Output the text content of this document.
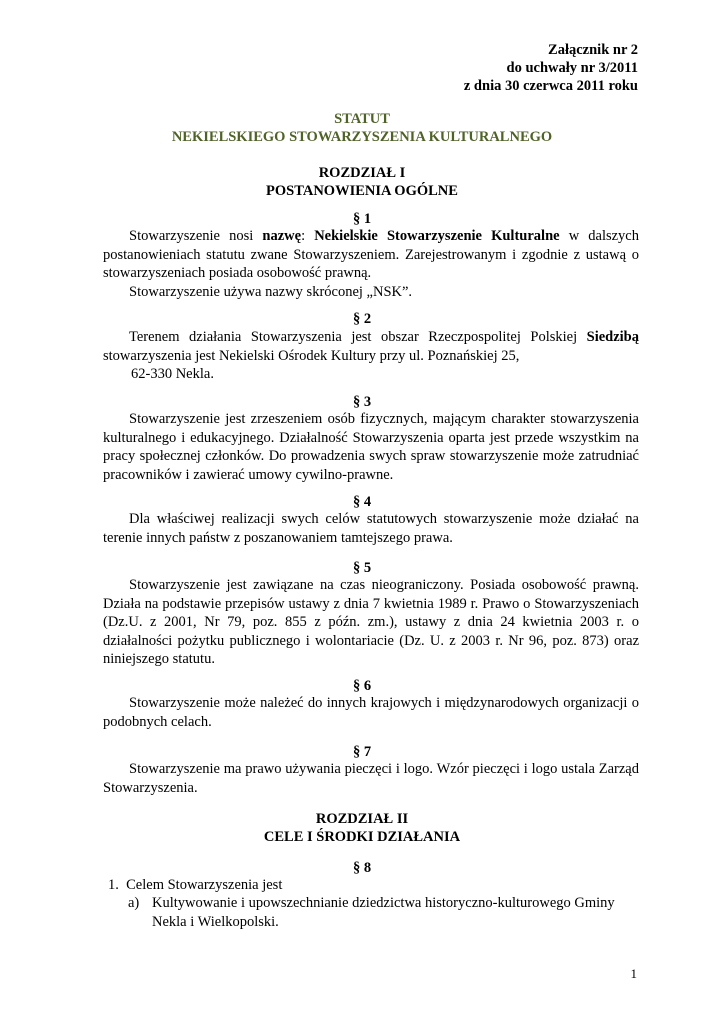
Załącznik nr 2
do uchwały nr 3/2011
z dnia 30 czerwca 2011 roku
STATUT
NEKIELSKIEGO STOWARZYSZENIA KULTURALNEGO
ROZDZIAŁ I
POSTANOWIENIA OGÓLNE
§ 1

Stowarzyszenie nosi nazwę: Nekielskie Stowarzyszenie Kulturalne w dalszych postanowieniach statutu zwane Stowarzyszeniem. Zarejestrowanym i zgodnie z ustawą o stowarzyszeniach posiada osobowość prawną.

Stowarzyszenie używa nazwy skróconej „NSK”.

§ 2

Terenem działania Stowarzyszenia jest obszar Rzeczpospolitej Polskiej Siedzibą

stowarzyszenia jest Nekielski Ośrodek Kultury przy ul. Poznańskiej 25,

62-330 Nekla.

§ 3

Stowarzyszenie jest zrzeszeniem osób fizycznych, mającym charakter stowarzyszenia kulturalnego i edukacyjnego. Działalność Stowarzyszenia oparta jest przede wszystkim na pracy społecznej członków. Do prowadzenia swych spraw stowarzyszenie może zatrudniać pracowników i zawierać umowy cywilno-prawne.

§ 4

Dla właściwej realizacji swych celów statutowych stowarzyszenie może działać na terenie innych państw z poszanowaniem tamtejszego prawa.

§ 5

Stowarzyszenie jest zawiązane na czas nieograniczony. Posiada osobowość prawną. Działa na podstawie przepisów ustawy z dnia 7 kwietnia 1989 r. Prawo o Stowarzyszeniach    (Dz.U. z 2001, Nr 79, poz. 855 z późn. zm.), ustawy z dnia 24 kwietnia 2003 r. o działalności pożytku publicznego i wolontariacie (Dz. U. z 2003 r. Nr 96, poz. 873) oraz niniejszego statutu.

§ 6

Stowarzyszenie może należeć do innych krajowych i międzynarodowych organizacji o podobnych celach.

§ 7

Stowarzyszenie ma prawo używania pieczęci i logo. Wzór pieczęci i logo ustala Zarząd Stowarzyszenia.

ROZDZIAŁ II
CELE I ŚRODKI DZIAŁANIA
§ 8
1. Celem Stowarzyszenia jest
a) Kultywowanie i upowszechnianie dziedzictwa historyczno-kulturowego Gminy
Nekla i Wielkopolski.
1
